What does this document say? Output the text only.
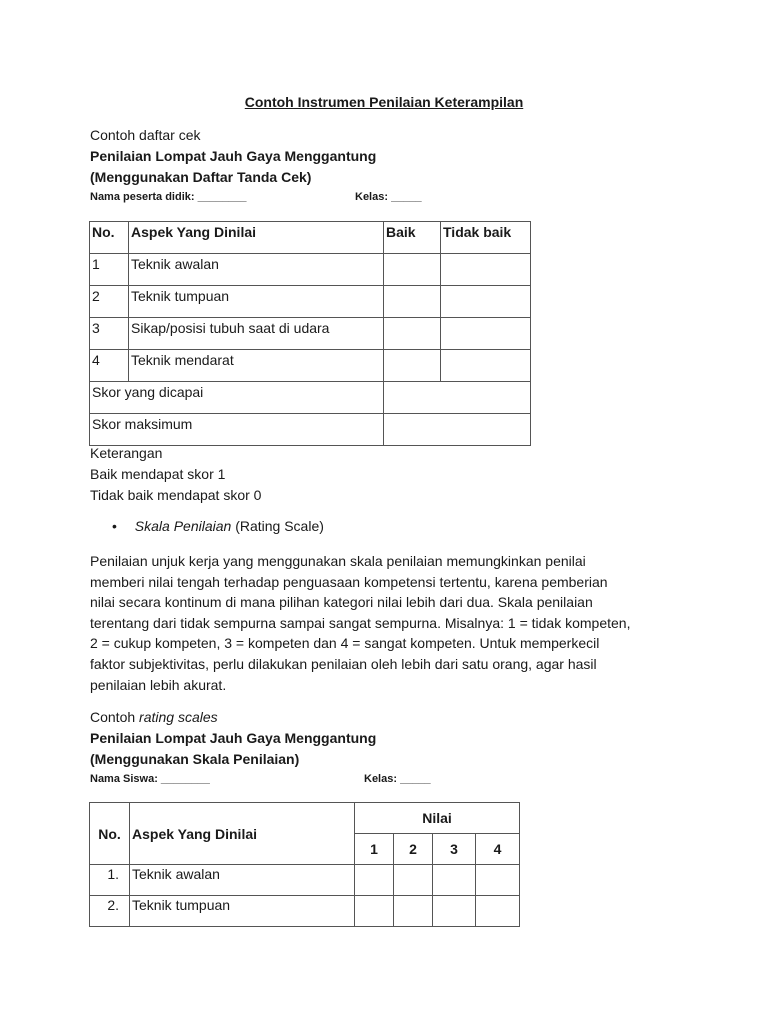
Contoh Instrumen Penilaian Keterampilan
Contoh daftar cek
Penilaian Lompat Jauh Gaya Menggantung
(Menggunakan Daftar Tanda Cek)
Nama peserta didik: ________	Kelas: _____
No.	Aspek Yang Dinilai	Baik	Tidak baik
1	Teknik awalan		
2	Teknik tumpuan		
3	Sikap/posisi tubuh saat di udara		
4	Teknik mendarat		
Skor yang dicapai			
Skor maksimum			
Keterangan
Baik mendapat skor 1
Tidak baik mendapat skor 0
• Skala Penilaian (Rating Scale)
Penilaian unjuk kerja yang menggunakan skala penilaian memungkinkan penilai
memberi nilai tengah terhadap penguasaan kompetensi tertentu, karena pemberian
nilai secara kontinum di mana pilihan kategori nilai lebih dari dua. Skala penilaian
terentang dari tidak sempurna sampai sangat sempurna. Misalnya: 1 = tidak kompeten,
2 = cukup kompeten, 3 = kompeten dan 4 = sangat kompeten. Untuk memperkecil
faktor subjektivitas, perlu dilakukan penilaian oleh lebih dari satu orang, agar hasil
penilaian lebih akurat.
Contoh rating scales
Penilaian Lompat Jauh Gaya Menggantung
(Menggunakan Skala Penilaian)
Nama Siswa: ________	Kelas: _____
No.	Aspek Yang Dinilai	Nilai			
		1	2	3	4
1.	Teknik awalan				
2.	Teknik tumpuan				
